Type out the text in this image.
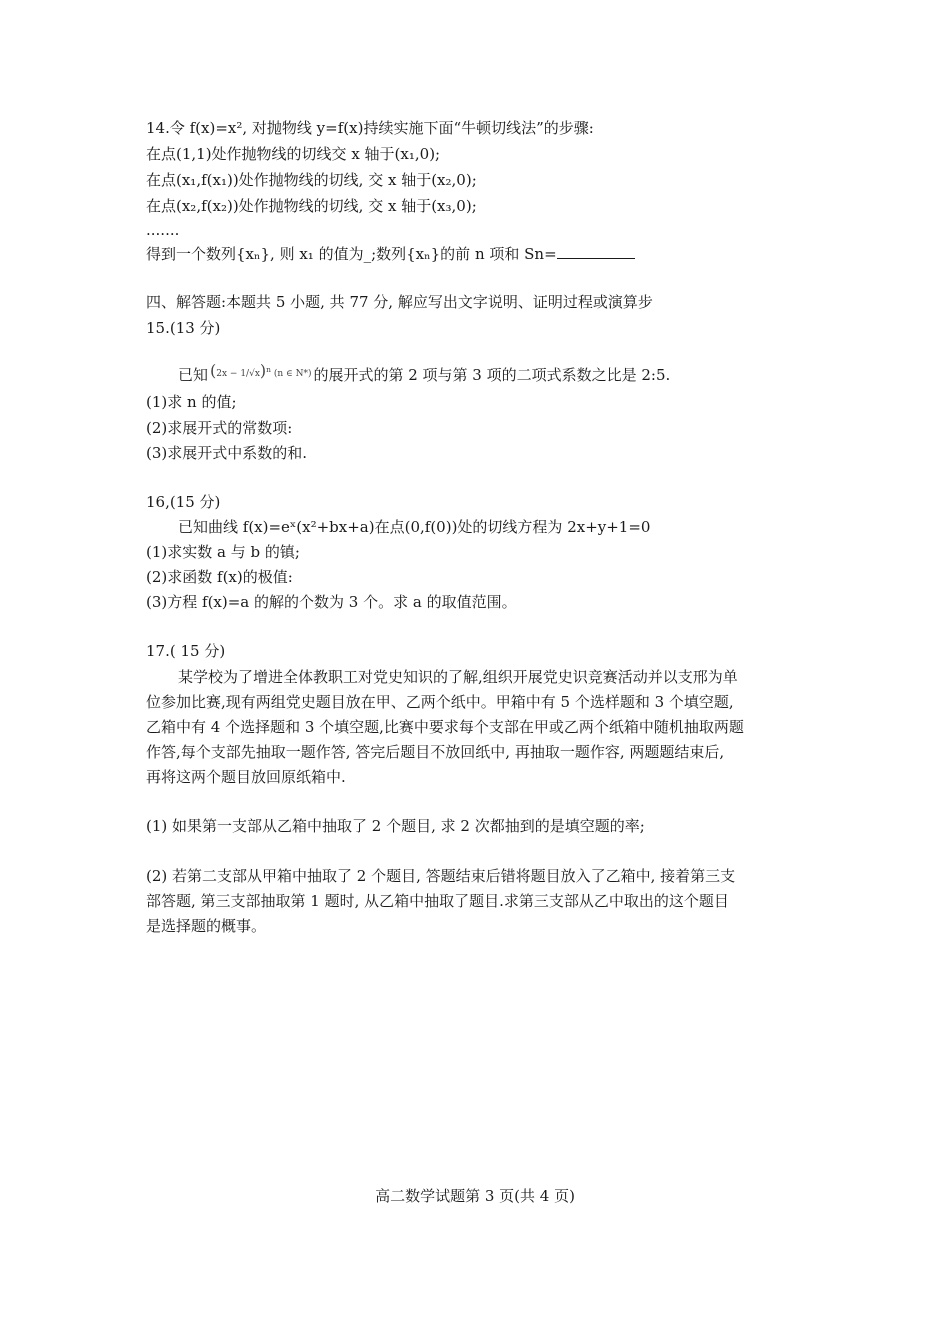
14.令 f(x)=x², 对抛物线 y=f(x)持续实施下面“牛顿切线法”的步骤:
在点(1,1)处作抛物线的切线交 x 轴于(x₁,0);
在点(x₁,f(x₁))处作抛物线的切线, 交 x 轴于(x₂,0);
在点(x₂,f(x₂))处作抛物线的切线, 交 x 轴于(x₃,0);
.......
得到一个数列{xₙ}, 则 x₁ 的值为_;数列{xₙ}的前 n 项和 Sn=
四、解答题:本题共 5 小题, 共 77 分, 解应写出文字说明、证明过程或演算步
15.(13 分)
已知 $(2x - 1/√x)^n$ (n ∈ N*) 的展开式的第 2 项与第 3 项的二项式系数之比是 2:5.
(1)求 n 的值;
(2)求展开式的常数项:
(3)求展开式中系数的和.
16,(15 分)
已知曲线 f(x)=eˣ(x²+bx+a)在点(0,f(0))处的切线方程为 2x+y+1=0
(1)求实数 a 与 b 的镇;
(2)求函数 f(x)的极值:
(3)方程 f(x)=a 的解的个数为 3 个。求 a 的取值范围。
17.( 15 分)
某学校为了增进全体教职工对党史知识的了解,组织开展党史识竞赛活动并以支邢为单
位参加比赛,现有两组党史题目放在甲、乙两个纸中。甲箱中有 5 个选样题和 3 个填空题,
乙箱中有 4 个选择题和 3 个填空题,比赛中要求每个支部在甲或乙两个纸箱中随机抽取两题
作答,每个支部先抽取一题作答, 答完后题目不放回纸中, 再抽取一题作容, 两题题结束后,
再将这两个题目放回原纸箱中.
(1) 如果第一支部从乙箱中抽取了 2 个题目, 求 2 次都抽到的是填空题的率;
(2) 若第二支部从甲箱中抽取了 2 个题目, 答题结束后错将题目放入了乙箱中, 接着第三支
部答题, 第三支部抽取第 1 题时, 从乙箱中抽取了题目.求第三支部从乙中取出的这个题目
是选择题的概事。
高二数学试题第 3 页(共 4 页)
